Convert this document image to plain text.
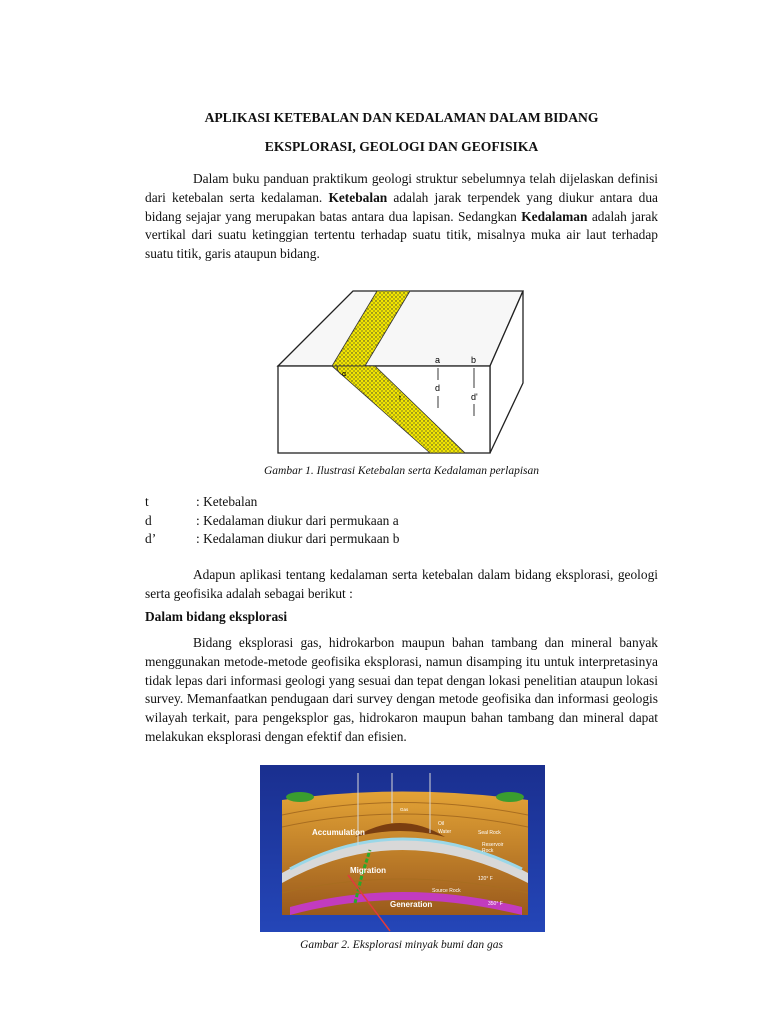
APLIKASI KETEBALAN DAN KEDALAMAN DALAM BIDANG
EKSPLORASI, GEOLOGI DAN GEOFISIKA

Dalam buku panduan praktikum geologi struktur sebelumnya telah dijelaskan definisi dari ketebalan serta kedalaman. Ketebalan adalah jarak terpendek yang diukur antara dua bidang sejajar yang merupakan batas antara dua lapisan. Sedangkan Kedalaman adalah jarak vertikal dari suatu ketinggian tertentu terhadap suatu titik, misalnya muka air laut terhadap suatu titik, garis ataupun bidang.

α
t
a	b
d
d'
Gambar 1. Ilustrasi Ketebalan serta Kedalaman perlapisan
t	: Ketebalan
d	: Kedalaman diukur dari permukaan a
d’	: Kedalaman diukur dari permukaan b

Adapun aplikasi tentang kedalaman serta ketebalan dalam bidang eksplorasi, geologi serta geofisika adalah sebagai berikut :

Dalam bidang eksplorasi

Bidang eksplorasi gas, hidrokarbon maupun bahan tambang dan mineral banyak menggunakan metode-metode geofisika eksplorasi, namun disamping itu untuk interpretasinya tidak lepas dari informasi geologi yang sesuai dan tepat dengan lokasi penelitian ataupun lokasi survey. Memanfaatkan pendugaan dari survey dengan metode geofisika dan informasi geologis wilayah terkait, para pengeksplor gas, hidrokaron maupun bahan tambang dan mineral dapat melakukan eksplorasi dengan efektif dan efisien.

Accumulation
Gas
Oil
Water	Seal Rock
Reservoir
Rock
Migration
120° F
Source Rock
350° F
Generation
Gambar 2. Eksplorasi minyak bumi dan gas
